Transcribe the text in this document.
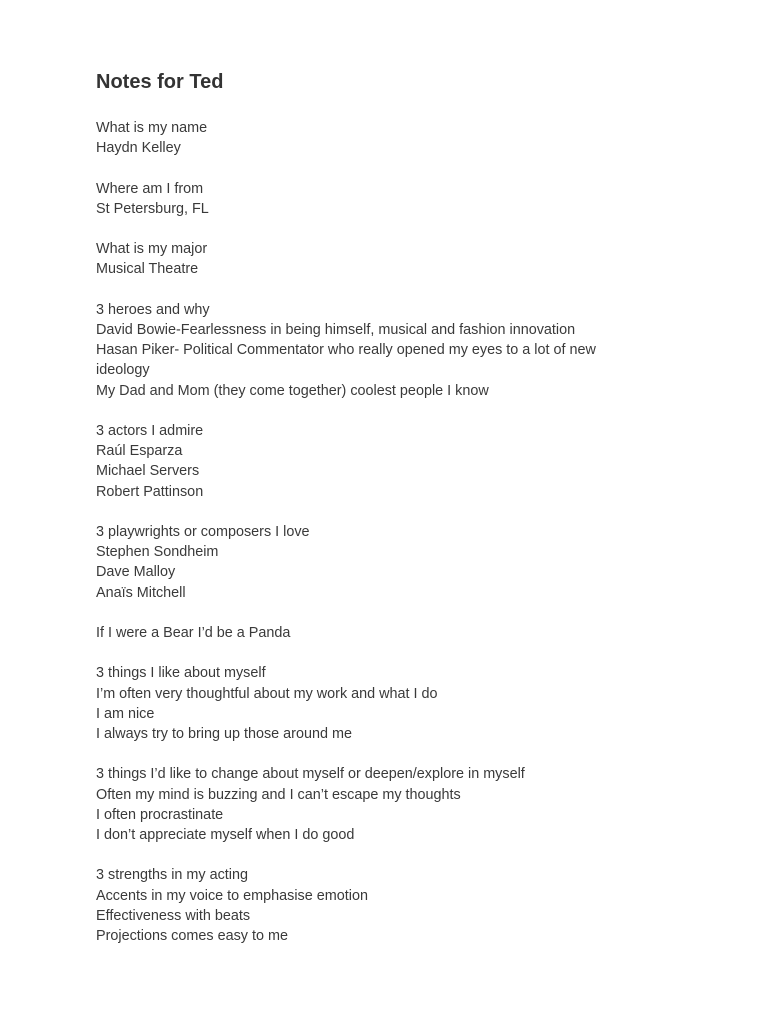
Notes for Ted
What is my name
Haydn Kelley
Where am I from
St Petersburg, FL
What is my major
Musical Theatre
3 heroes and why
David Bowie-Fearlessness in being himself, musical and fashion innovation
Hasan Piker- Political Commentator who really opened my eyes to a lot of new
ideology
My Dad and Mom (they come together) coolest people I know
3 actors I admire
Raúl Esparza
Michael Servers
Robert Pattinson
3 playwrights or composers I love
Stephen Sondheim
Dave Malloy
Anaïs Mitchell
If I were a Bear I’d be a Panda
3 things I like about myself
I’m often very thoughtful about my work and what I do
I am nice
I always try to bring up those around me
3 things I’d like to change about myself or deepen/explore in myself
Often my mind is buzzing and I can’t escape my thoughts
I often procrastinate
I don’t appreciate myself when I do good
3 strengths in my acting
Accents in my voice to emphasise emotion
Effectiveness with beats
Projections comes easy to me
